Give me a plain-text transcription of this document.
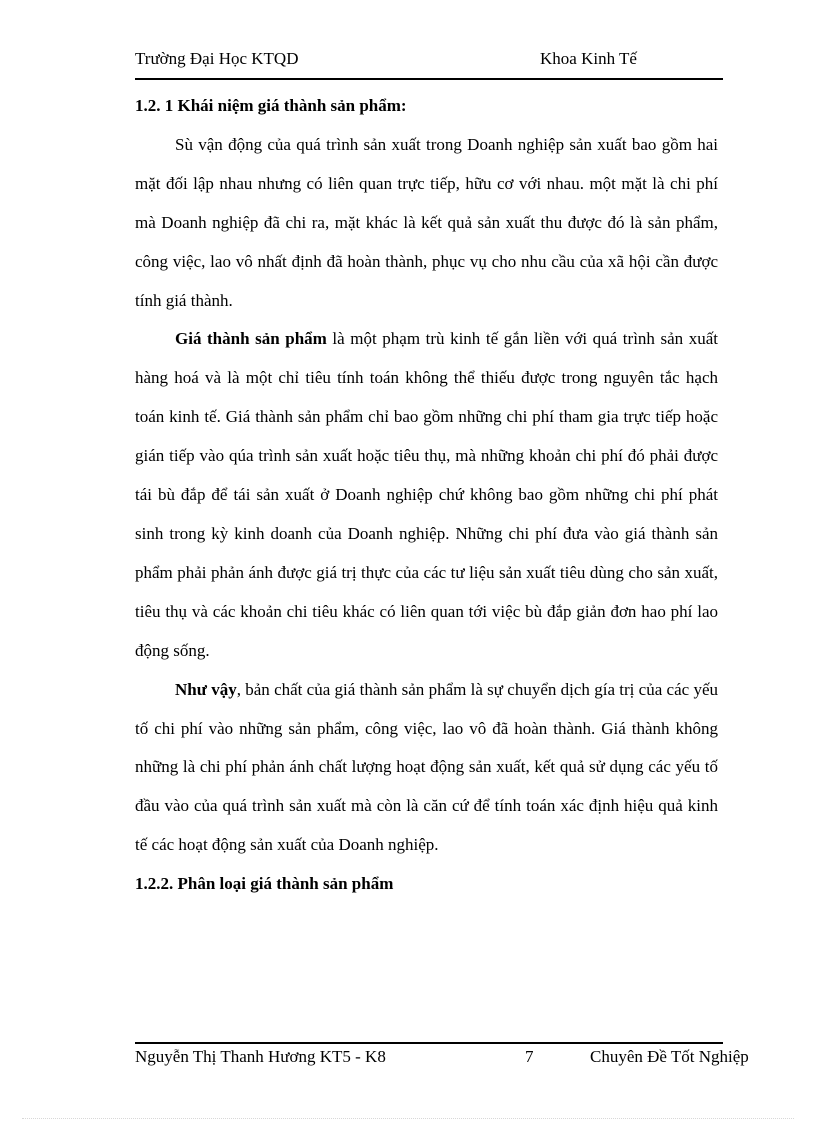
Trường Đại Học KTQD	Khoa Kinh Tế

1.2. 1 Khái niệm giá thành sản phẩm:

Sù vận động của quá trình sản xuất trong Doanh nghiệp sản xuất bao gồm hai mặt đối lập nhau nhưng có liên quan trực tiếp, hữu cơ với nhau. một mặt là chi phí mà Doanh nghiệp đã chi ra, mặt khác là kết quả sản xuất thu được đó là sản phẩm, công việc, lao vô nhất định đã hoàn thành, phục vụ cho nhu cầu của xã hội cần được tính giá thành.

Giá thành sản phẩm là một phạm trù kinh tế gắn liền với quá trình sản xuất hàng hoá và là một chỉ tiêu tính toán không thể thiếu được trong nguyên tắc hạch toán kinh tế. Giá thành sản phẩm chỉ bao gồm những chi phí tham gia trực tiếp hoặc gián tiếp vào qúa trình sản xuất hoặc tiêu thụ, mà những khoản chi phí đó phải được tái bù đắp để tái sản xuất ở Doanh nghiệp chứ không bao gồm những chi phí phát sinh trong kỳ kinh doanh của Doanh nghiệp. Những chi phí đưa vào giá thành sản phẩm phải phản ánh được giá trị thực của các tư liệu sản xuất tiêu dùng cho sản xuất, tiêu thụ và các khoản chi tiêu khác có liên quan tới việc bù đắp giản đơn hao phí lao động sống.

Như vậy, bản chất của giá thành sản phẩm là sự chuyển dịch gía trị của các yếu tố chi phí vào những sản phẩm, công việc, lao vô đã hoàn thành. Giá thành không những là chi phí phản ánh chất lượng hoạt động sản xuất, kết quả sử dụng các yếu tố đầu vào của quá trình sản xuất mà còn là căn cứ để tính toán xác định hiệu quả kinh tế các hoạt động sản xuất của Doanh nghiệp.

1.2.2. Phân loại giá thành sản phẩm

Nguyễn Thị Thanh Hương KT5 - K8	7	Chuyên Đề Tốt Nghiệp
